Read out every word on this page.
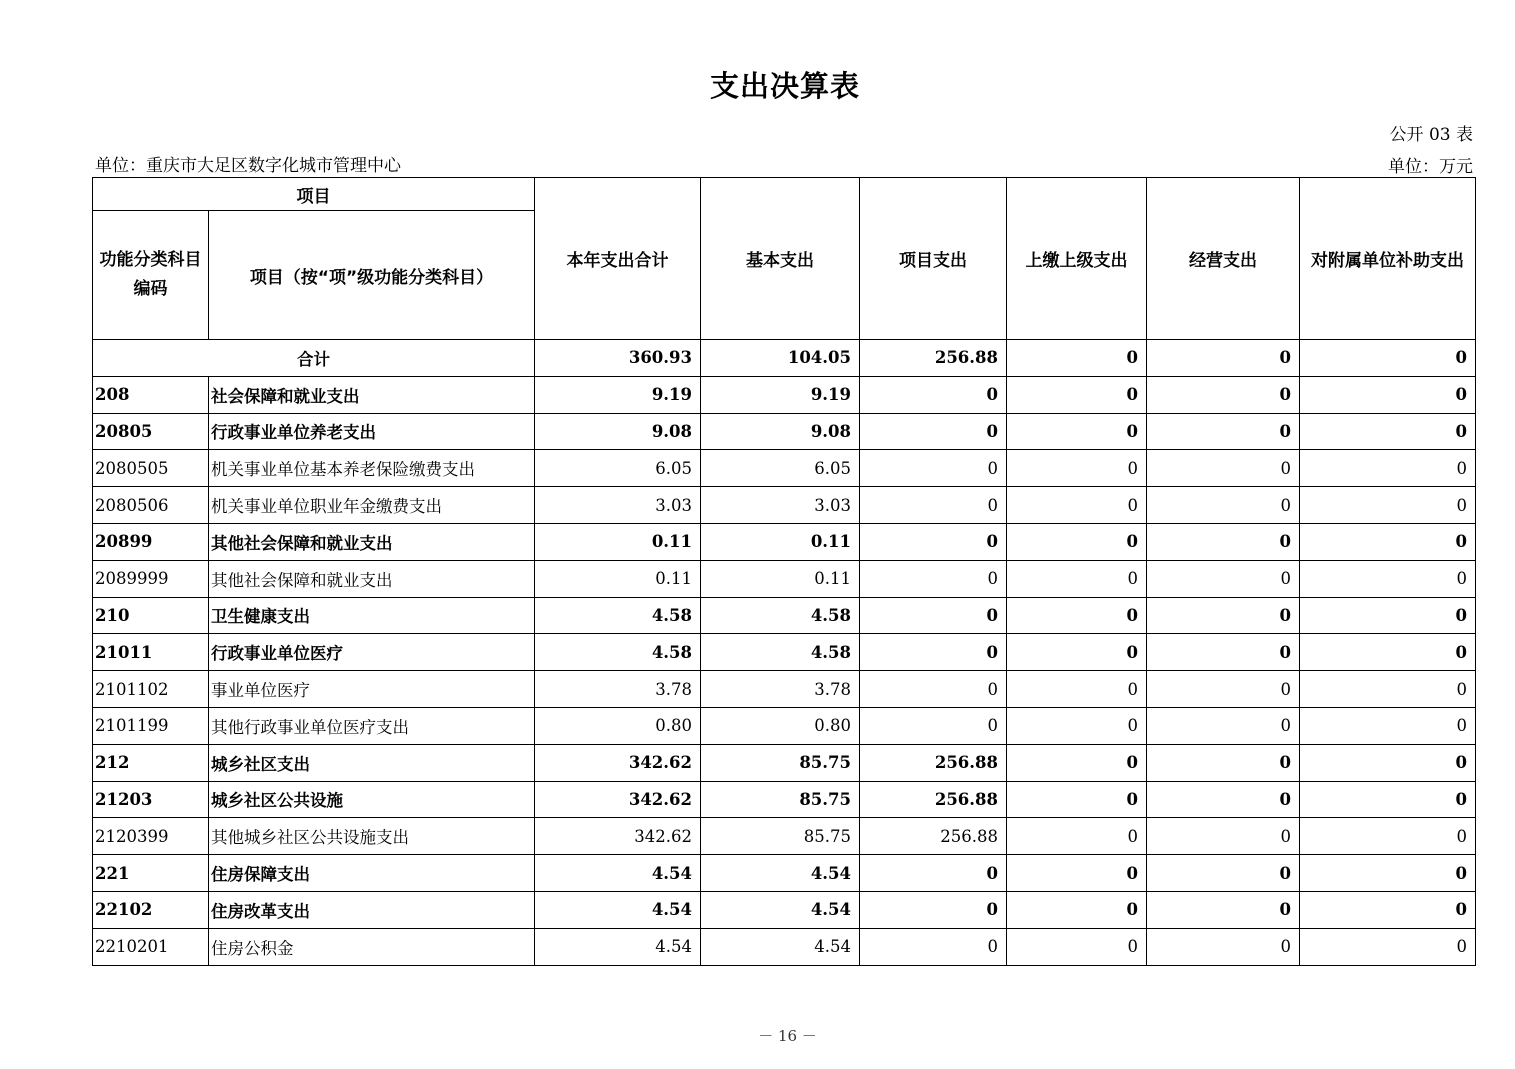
支出决算表
公开 03 表
单位：重庆市大足区数字化城市管理中心	单位：万元
项目		本年支出合计	基本支出	项目支出	上缴上级支出	经营支出	对附属单位补助支出
功能分类科目编码	项目（按“项”级功能分类科目）						
合计		360.93	104.05	256.88	0	0	0
208	社会保障和就业支出	9.19	9.19	0	0	0	0
20805	行政事业单位养老支出	9.08	9.08	0	0	0	0
2080505	机关事业单位基本养老保险缴费支出	6.05	6.05	0	0	0	0
2080506	机关事业单位职业年金缴费支出	3.03	3.03	0	0	0	0
20899	其他社会保障和就业支出	0.11	0.11	0	0	0	0
2089999	其他社会保障和就业支出	0.11	0.11	0	0	0	0
210	卫生健康支出	4.58	4.58	0	0	0	0
21011	行政事业单位医疗	4.58	4.58	0	0	0	0
2101102	事业单位医疗	3.78	3.78	0	0	0	0
2101199	其他行政事业单位医疗支出	0.80	0.80	0	0	0	0
212	城乡社区支出	342.62	85.75	256.88	0	0	0
21203	城乡社区公共设施	342.62	85.75	256.88	0	0	0
2120399	其他城乡社区公共设施支出	342.62	85.75	256.88	0	0	0
221	住房保障支出	4.54	4.54	0	0	0	0
22102	住房改革支出	4.54	4.54	0	0	0	0
2210201	住房公积金	4.54	4.54	0	0	0	0
－ 16 －
